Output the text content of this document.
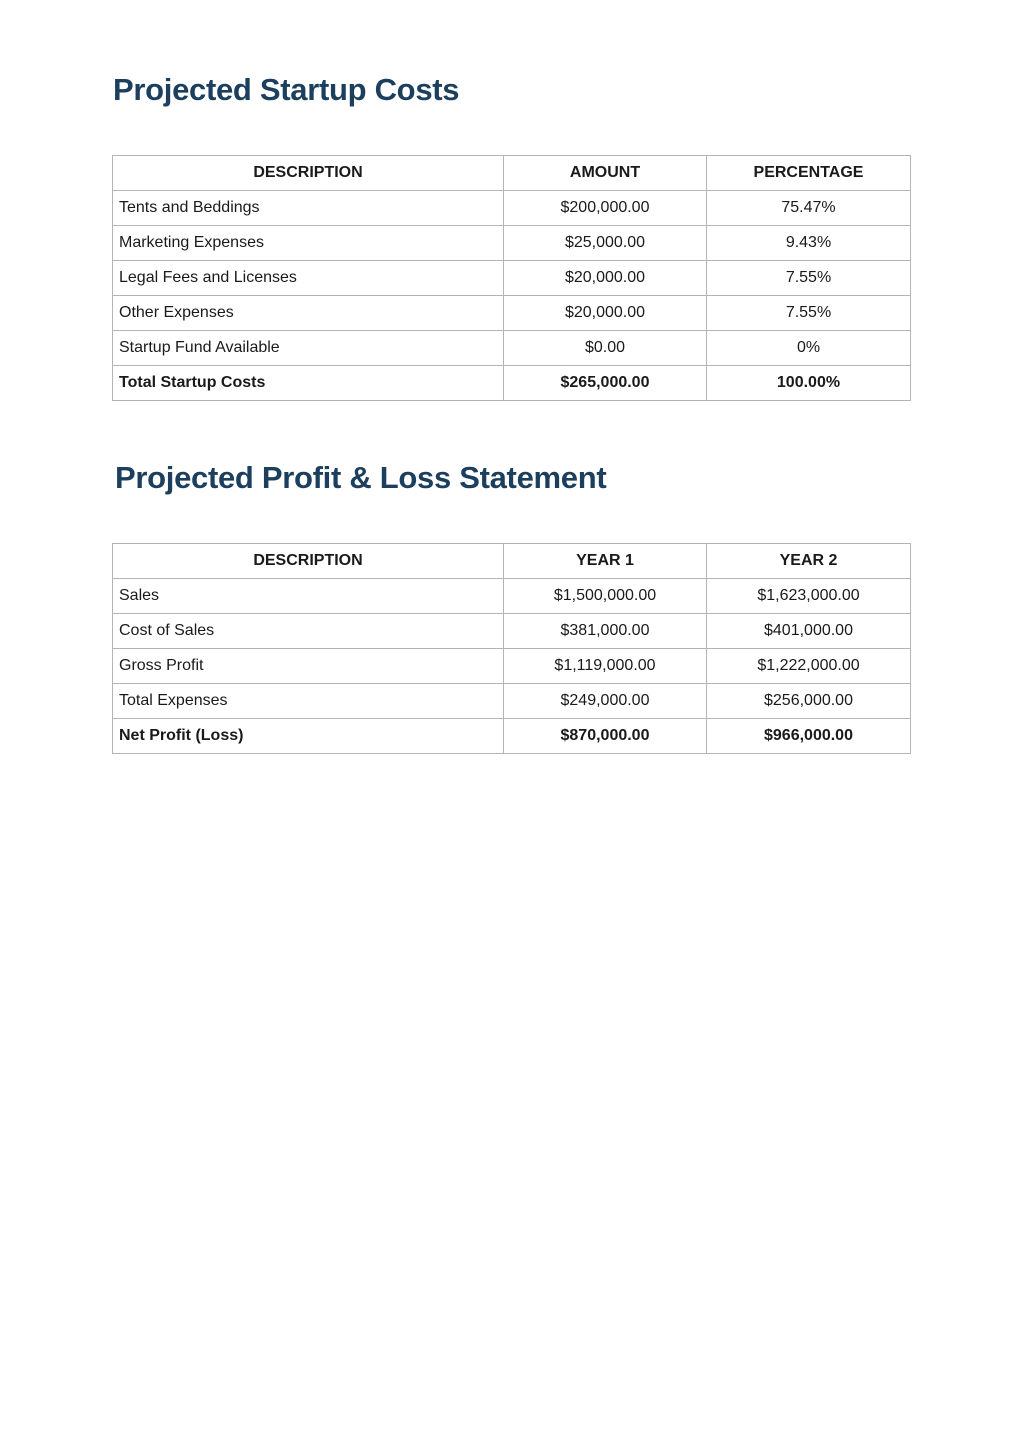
Projected Startup Costs
DESCRIPTION	AMOUNT	PERCENTAGE
Tents and Beddings	$200,000.00	75.47%
Marketing Expenses	$25,000.00	9.43%
Legal Fees and Licenses	$20,000.00	7.55%
Other Expenses	$20,000.00	7.55%
Startup Fund Available	$0.00	0%
Total Startup Costs	$265,000.00	100.00%
Projected Profit & Loss Statement
DESCRIPTION	YEAR 1	YEAR 2
Sales	$1,500,000.00	$1,623,000.00
Cost of Sales	$381,000.00	$401,000.00
Gross Profit	$1,119,000.00	$1,222,000.00
Total Expenses	$249,000.00	$256,000.00
Net Profit (Loss)	$870,000.00	$966,000.00
